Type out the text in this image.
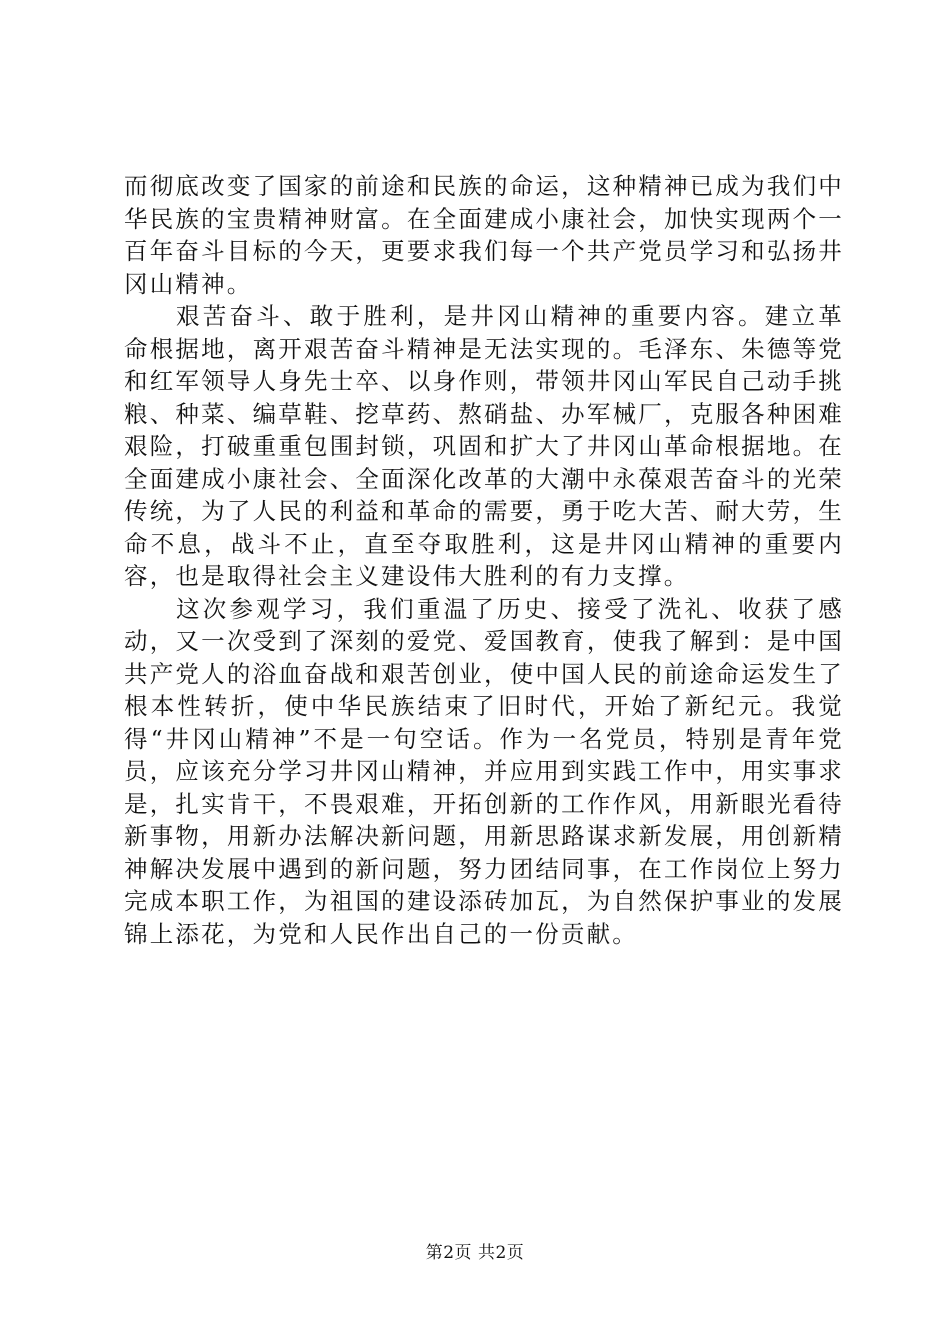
而彻底改变了国家的前途和民族的命运，这种精神已成为我们中华民族的宝贵精神财富。在全面建成小康社会，加快实现两个一百年奋斗目标的今天，更要求我们每一个共产党员学习和弘扬井冈山精神。

艰苦奋斗、敢于胜利，是井冈山精神的重要内容。建立革命根据地，离开艰苦奋斗精神是无法实现的。毛泽东、朱德等党和红军领导人身先士卒、以身作则，带领井冈山军民自己动手挑粮、种菜、编草鞋、挖草药、熬硝盐、办军械厂，克服各种困难艰险，打破重重包围封锁，巩固和扩大了井冈山革命根据地。在全面建成小康社会、全面深化改革的大潮中永葆艰苦奋斗的光荣传统，为了人民的利益和革命的需要，勇于吃大苦、耐大劳，生命不息，战斗不止，直至夺取胜利，这是井冈山精神的重要内容，也是取得社会主义建设伟大胜利的有力支撑。

这次参观学习，我们重温了历史、接受了洗礼、收获了感动，又一次受到了深刻的爱党、爱国教育，使我了解到：是中国共产党人的浴血奋战和艰苦创业，使中国人民的前途命运发生了根本性转折，使中华民族结束了旧时代，开始了新纪元。我觉得“井冈山精神”不是一句空话。作为一名党员，特别是青年党员，应该充分学习井冈山精神，并应用到实践工作中，用实事求是，扎实肯干，不畏艰难，开拓创新的工作作风，用新眼光看待新事物，用新办法解决新问题，用新思路谋求新发展，用创新精神解决发展中遇到的新问题，努力团结同事，在工作岗位上努力完成本职工作，为祖国的建设添砖加瓦，为自然保护事业的发展锦上添花，为党和人民作出自己的一份贡献。

第2页 共2页
